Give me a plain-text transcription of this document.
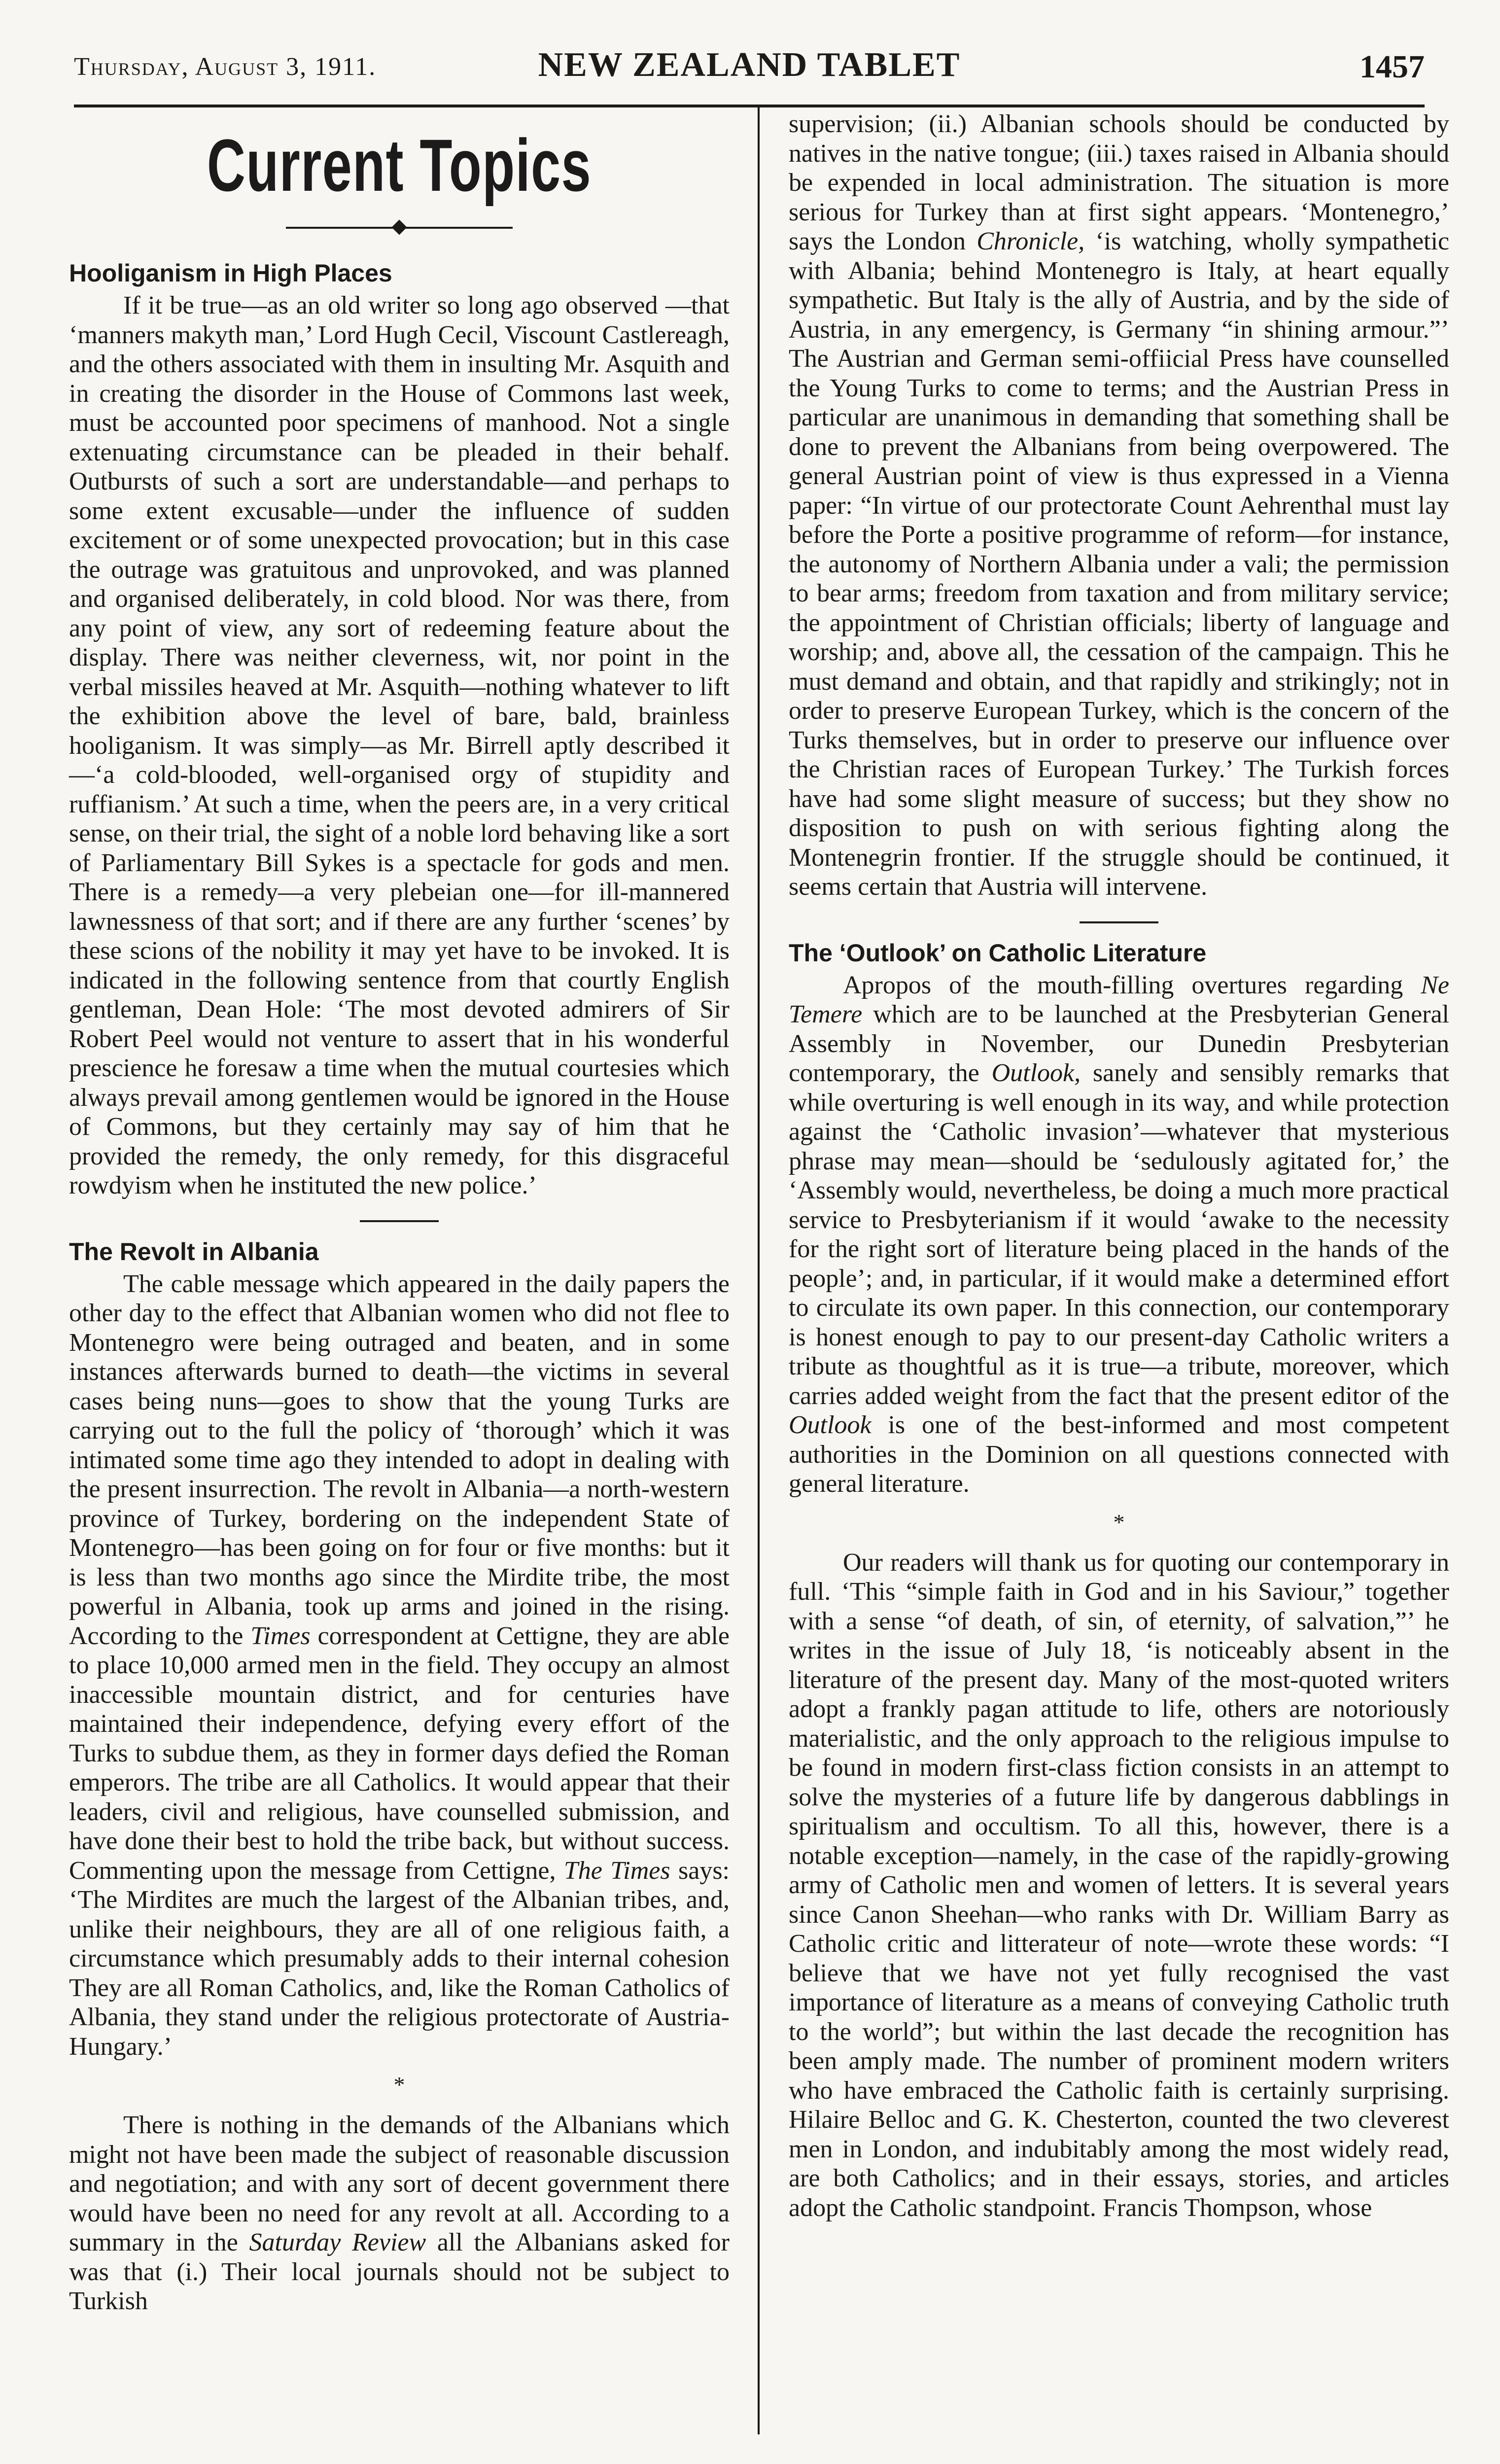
Thursday, August 3, 1911.	NEW ZEALAND TABLET	1457
Current Topics
Hooliganism in High Places

If it be true—as an old writer so long ago observed —that ‘manners makyth man,’ Lord Hugh Cecil, Viscount Castlereagh, and the others associated with them in insulting Mr. Asquith and in creating the disorder in the House of Commons last week, must be accounted poor specimens of manhood. Not a single extenuating circumstance can be pleaded in their behalf. Outbursts of such a sort are understandable—and perhaps to some extent excusable—under the influence of sudden excitement or of some unexpected provocation; but in this case the outrage was gratuitous and unprovoked, and was planned and organised deliberately, in cold blood. Nor was there, from any point of view, any sort of redeeming feature about the display. There was neither cleverness, wit, nor point in the verbal missiles heaved at Mr. Asquith—nothing whatever to lift the exhibition above the level of bare, bald, brainless hooliganism. It was simply—as Mr. Birrell aptly described it—‘a cold-blooded, well-organised orgy of stupidity and ruffianism.’ At such a time, when the peers are, in a very critical sense, on their trial, the sight of a noble lord behaving like a sort of Parliamentary Bill Sykes is a spectacle for gods and men. There is a remedy—a very plebeian one—for ill-mannered lawnessness of that sort; and if there are any further ‘scenes’ by these scions of the nobility it may yet have to be invoked. It is indicated in the following sentence from that courtly English gentleman, Dean Hole: ‘The most devoted admirers of Sir Robert Peel would not venture to assert that in his wonderful prescience he foresaw a time when the mutual courtesies which always prevail among gentlemen would be ignored in the House of Commons, but they certainly may say of him that he provided the remedy, the only remedy, for this disgraceful rowdyism when he instituted the new police.’

The Revolt in Albania

The cable message which appeared in the daily papers the other day to the effect that Albanian women who did not flee to Montenegro were being outraged and beaten, and in some instances afterwards burned to death—the victims in several cases being nuns—goes to show that the young Turks are carrying out to the full the policy of ‘thorough’ which it was intimated some time ago they intended to adopt in dealing with the present insurrection. The revolt in Albania—a north-western province of Turkey, bordering on the independent State of Montenegro—has been going on for four or five months: but it is less than two months ago since the Mirdite tribe, the most powerful in Albania, took up arms and joined in the rising. According to the Times correspondent at Cettigne, they are able to place 10,000 armed men in the field. They occupy an almost inaccessible mountain district, and for centuries have maintained their independence, defying every effort of the Turks to subdue them, as they in former days defied the Roman emperors. The tribe are all Catholics. It would appear that their leaders, civil and religious, have counselled submission, and have done their best to hold the tribe back, but without success. Commenting upon the message from Cettigne, The Times says: ‘The Mirdites are much the largest of the Albanian tribes, and, unlike their neighbours, they are all of one religious faith, a circumstance which presumably adds to their internal cohesion They are all Roman Catholics, and, like the Roman Catholics of Albania, they stand under the religious protectorate of Austria-Hungary.’

*

There is nothing in the demands of the Albanians which might not have been made the subject of reasonable discussion and negotiation; and with any sort of decent government there would have been no need for any revolt at all. According to a summary in the Saturday Review all the Albanians asked for was that (i.) Their local journals should not be subject to Turkish

supervision; (ii.) Albanian schools should be conducted by natives in the native tongue; (iii.) taxes raised in Albania should be expended in local administration. The situation is more serious for Turkey than at first sight appears. ‘Montenegro,’ says the London Chronicle, ‘is watching, wholly sympathetic with Albania; behind Montenegro is Italy, at heart equally sympathetic. But Italy is the ally of Austria, and by the side of Austria, in any emergency, is Germany “in shining armour.”’ The Austrian and German semi-offiicial Press have counselled the Young Turks to come to terms; and the Austrian Press in particular are unanimous in demanding that something shall be done to prevent the Albanians from being overpowered. The general Austrian point of view is thus expressed in a Vienna paper: “In virtue of our protectorate Count Aehrenthal must lay before the Porte a positive programme of reform—for instance, the autonomy of Northern Albania under a vali; the permission to bear arms; freedom from taxation and from military service; the appointment of Christian officials; liberty of language and worship; and, above all, the cessation of the campaign. This he must demand and obtain, and that rapidly and strikingly; not in order to preserve European Turkey, which is the concern of the Turks themselves, but in order to preserve our influence over the Christian races of European Turkey.’ The Turkish forces have had some slight measure of success; but they show no disposition to push on with serious fighting along the Montenegrin frontier. If the struggle should be continued, it seems certain that Austria will intervene.

The ‘Outlook’ on Catholic Literature

Apropos of the mouth-filling overtures regarding Ne Temere which are to be launched at the Presbyterian General Assembly in November, our Dunedin Presbyterian contemporary, the Outlook, sanely and sensibly remarks that while overturing is well enough in its way, and while protection against the ‘Catholic invasion’—whatever that mysterious phrase may mean—should be ‘sedulously agitated for,’ the ‘Assembly would, nevertheless, be doing a much more practical service to Presbyterianism if it would ‘awake to the necessity for the right sort of literature being placed in the hands of the people’; and, in particular, if it would make a determined effort to circulate its own paper. In this connection, our contemporary is honest enough to pay to our present-day Catholic writers a tribute as thoughtful as it is true—a tribute, moreover, which carries added weight from the fact that the present editor of the Outlook is one of the best-informed and most competent authorities in the Dominion on all questions connected with general literature.

*

Our readers will thank us for quoting our contemporary in full. ‘This “simple faith in God and in his Saviour,” together with a sense “of death, of sin, of eternity, of salvation,”’ he writes in the issue of July 18, ‘is noticeably absent in the literature of the present day. Many of the most-quoted writers adopt a frankly pagan attitude to life, others are notoriously materialistic, and the only approach to the religious impulse to be found in modern first-class fiction consists in an attempt to solve the mysteries of a future life by dangerous dabblings in spiritualism and occultism. To all this, however, there is a notable exception—namely, in the case of the rapidly-growing army of Catholic men and women of letters. It is several years since Canon Sheehan—who ranks with Dr. William Barry as Catholic critic and litterateur of note—wrote these words: “I believe that we have not yet fully recognised the vast importance of literature as a means of conveying Catholic truth to the world”; but within the last decade the recognition has been amply made. The number of prominent modern writers who have embraced the Catholic faith is certainly surprising. Hilaire Belloc and G. K. Chesterton, counted the two cleverest men in London, and indubitably among the most widely read, are both Catholics; and in their essays, stories, and articles adopt the Catholic standpoint. Francis Thompson, whose
